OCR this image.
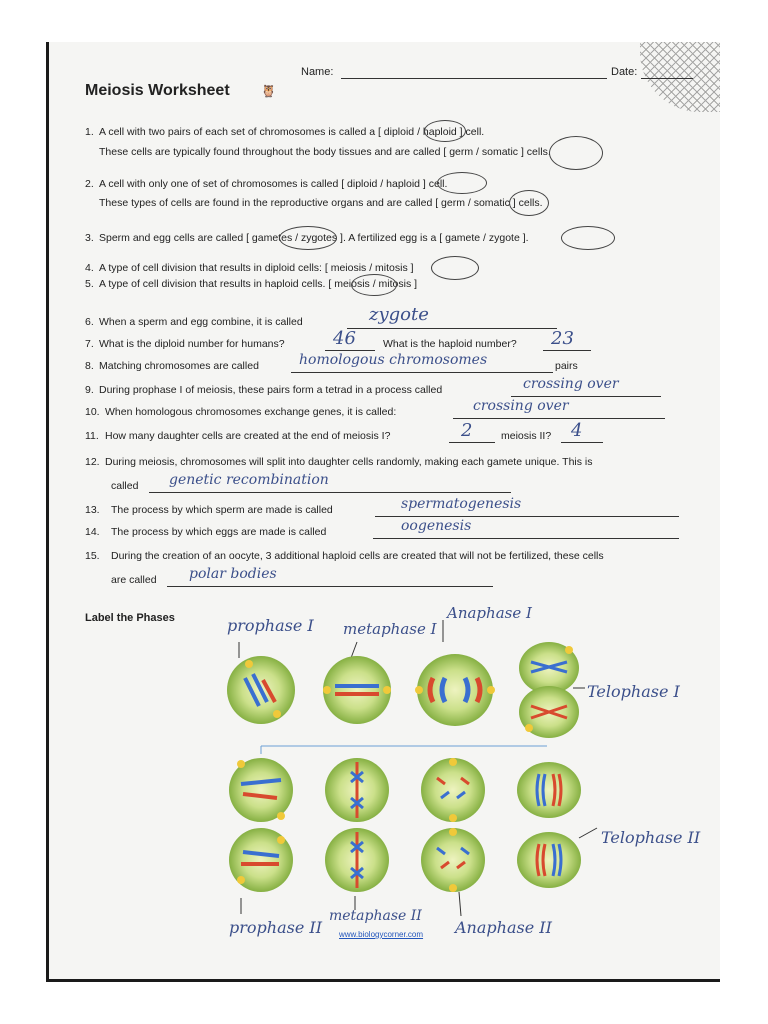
Name:	Date:
Meiosis Worksheet	🦉
1. A cell with two pairs of each set of chromosomes is called a [ diploid / haploid ] cell.
These cells are typically found throughout the body tissues and are called [ germ / somatic ] cells.
2. A cell with only one of set of chromosomes is called [ diploid / haploid ] cell.
These types of cells are found in the reproductive organs and are called [ germ / somatic ] cells.
3. Sperm and egg cells are called [ gametes / zygotes ]. A fertilized egg is a [ gamete / zygote ].
4. A type of cell division that results in diploid cells: [ meiosis / mitosis ]
5. A type of cell division that results in haploid cells. [ meiosis / mitosis ]
6. When a sperm and egg combine, it is called	zygote
7. What is the diploid number for humans?	46	What is the haploid number? 23
8. Matching chromosomes are called	homologous chromosomes	pairs
9. During prophase I of meiosis, these pairs form a tetrad in a process called	crossing over
10. When homologous chromosomes exchange genes, it is called:	crossing over
11. How many daughter cells are created at the end of meiosis I?	2	meiosis II? 4
12. During meiosis, chromosomes will split into daughter cells randomly, making each gamete unique. This is
called genetic recombination
13. The process by which sperm are made is called	spermatogenesis
14. The process by which eggs are made is called	oogenesis
15. During the creation of an oocyte, 3 additional haploid cells are created that will not be fertilized, these cells
are called polar bodies
Label the Phases	prophase I metaphase I
Anaphase I
Telophase I
Telophase II
prophase II
metaphase II
Anaphase II
www.biologycorner.com
